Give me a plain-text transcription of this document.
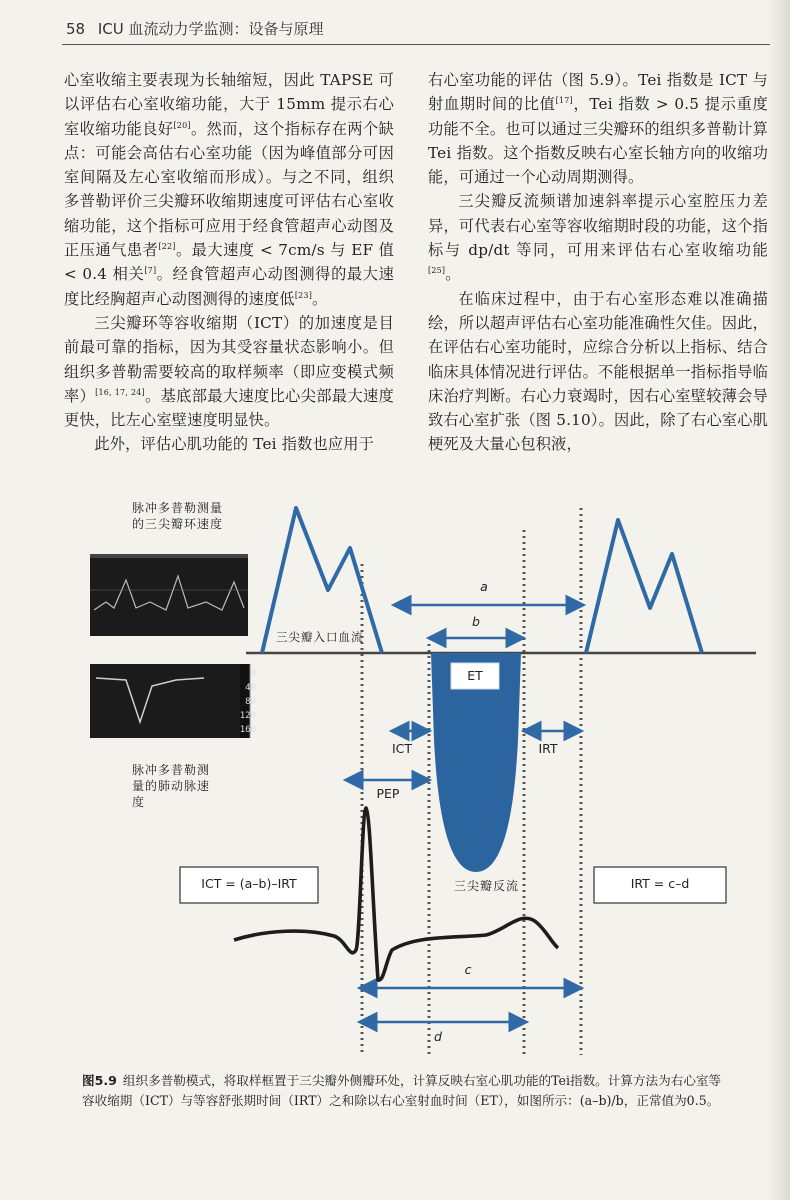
58 ICU 血流动力学监测：设备与原理

心室收缩主要表现为长轴缩短，因此 TAPSE 可以评估右心室收缩功能，大于 15mm 提示右心室收缩功能良好[20]。然而，这个指标存在两个缺点：可能会高估右心室功能（因为峰值部分可因室间隔及左心室收缩而形成）。与之不同，组织多普勒评价三尖瓣环收缩期速度可评估右心室收缩功能，这个指标可应用于经食管超声心动图及正压通气患者[22]。最大速度 < 7cm/s 与 EF 值 < 0.4 相关[7]。经食管超声心动图测得的最大速度比经胸超声心动图测得的速度低[23]。

三尖瓣环等容收缩期（ICT）的加速度是目前最可靠的指标，因为其受容量状态影响小。但组织多普勒需要较高的取样频率（即应变模式频率）[16, 17, 24]。基底部最大速度比心尖部最大速度更快，比左心室壁速度明显快。

此外，评估心肌功能的 Tei 指数也应用于

右心室功能的评估（图 5.9）。Tei 指数是 ICT 与射血期时间的比值[17]，Tei 指数 > 0.5 提示重度功能不全。也可以通过三尖瓣环的组织多普勒计算 Tei 指数。这个指数反映右心室长轴方向的收缩功能，可通过一个心动周期测得。

三尖瓣反流频谱加速斜率提示心室腔压力差异，可代表右心室等容收缩期时段的功能，这个指标与 dp/dt 等同，可用来评估右心室收缩功能[25]。

在临床过程中，由于右心室形态难以准确描绘，所以超声评估右心室功能准确性欠佳。因此，在评估右心室功能时，应综合分析以上指标、结合临床具体情况进行评估。不能根据单一指标指导临床治疗判断。右心力衰竭时，因右心室壁较薄会导致右心室扩张（图 5.10）。因此，除了右心室心肌梗死及大量心包积液，

0
40
80
120
160
脉冲多普勒测量的三尖瓣环速度
脉冲多普勒测量的肺动脉速度
三尖瓣入口血流
三尖瓣反流
a
b
c
d
ET
ICT	IRT
PEP
ICT = (a–b)–IRT	IRT = c–d
图5.9 组织多普勒模式，将取样框置于三尖瓣外侧瓣环处，计算反映右室心肌功能的Tei指数。计算方法为右心室等容收缩期（ICT）与等容舒张期时间（IRT）之和除以右心室射血时间（ET），如图所示：(a–b)/b，正常值为0.5。
